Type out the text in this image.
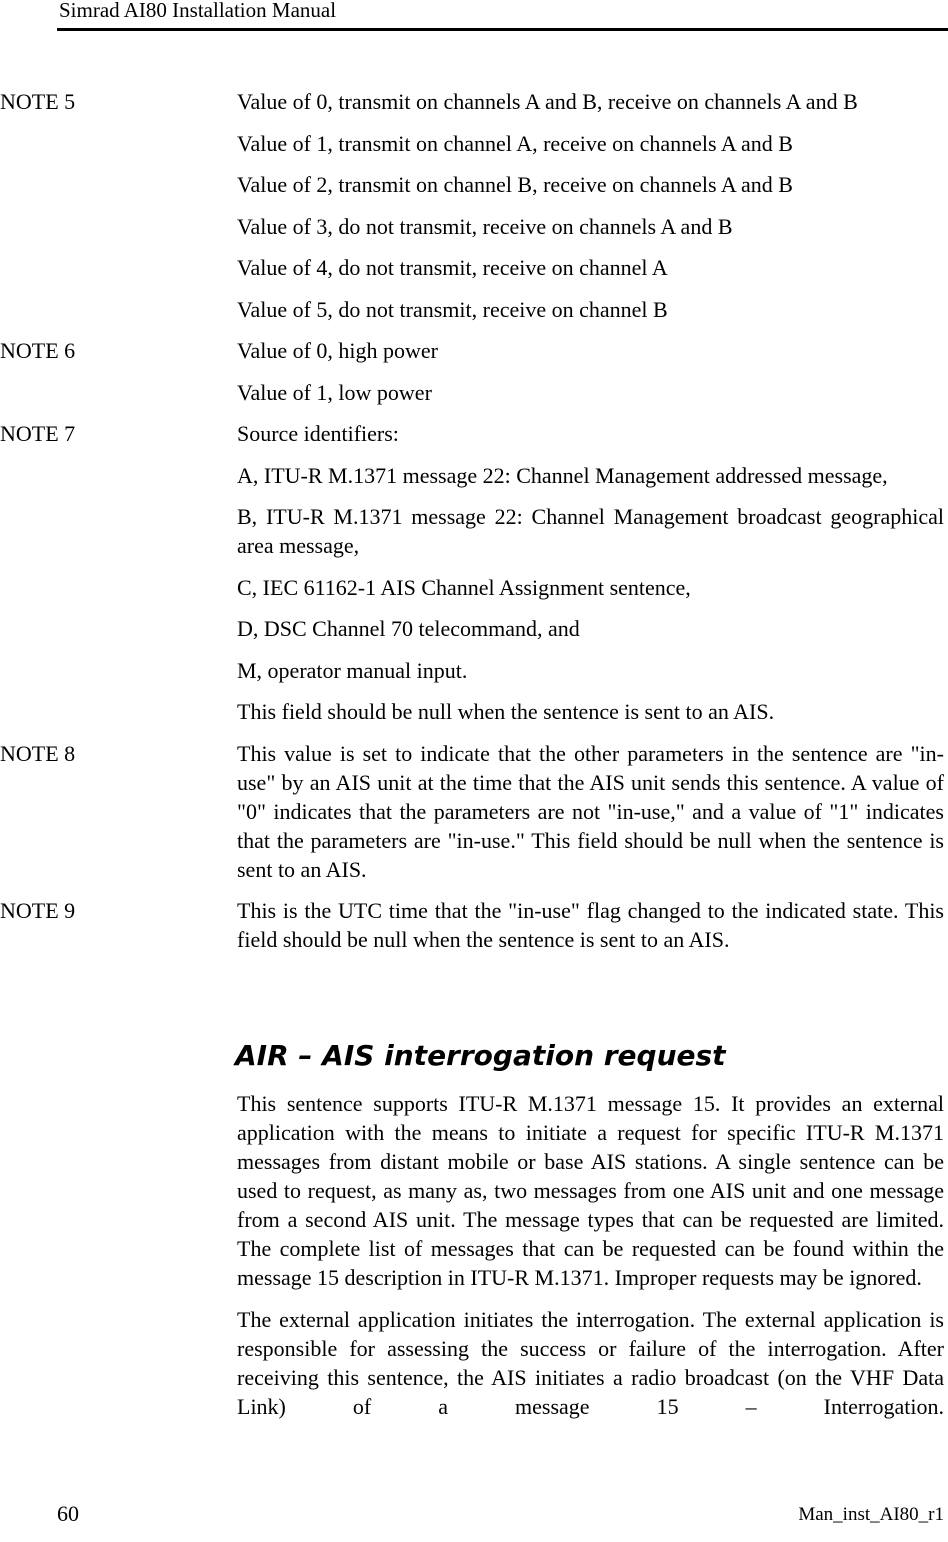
Simrad AI80 Installation Manual
NOTE 5	Value of 0, transmit on channels A and B, receive on channels A and B

Value of 1, transmit on channel A, receive on channels A and B

Value of 2, transmit on channel B, receive on channels A and B

Value of 3, do not transmit, receive on channels A and B

Value of 4, do not transmit, receive on channel A

Value of 5, do not transmit, receive on channel B

NOTE 6	Value of 0, high power

Value of 1, low power

NOTE 7	Source identifiers:

A, ITU-R M.1371 message 22: Channel Management addressed message,

B, ITU-R M.1371 message 22: Channel Management broadcast geographical area message,

C, IEC 61162-1 AIS Channel Assignment sentence,

D, DSC Channel 70 telecommand, and

M, operator manual input.

This field should be null when the sentence is sent to an AIS.

NOTE 8	This value is set to indicate that the other parameters in the sentence are "in-use" by an AIS unit at the time that the AIS unit sends this sentence. A value of "0" indicates that the parameters are not "in-use," and a value of "1" indicates that the parameters are "in-use." This field should be null when the sentence is sent to an AIS.

NOTE 9	This is the UTC time that the "in-use" flag changed to the indicated state. This field should be null when the sentence is sent to an AIS.

AIR – AIS interrogation request

This sentence supports ITU-R M.1371 message 15. It provides an external application with the means to initiate a request for specific ITU-R M.1371 messages from distant mobile or base AIS stations. A single sentence can be used to request, as many as, two messages from one AIS unit and one message from a second AIS unit. The message types that can be requested are limited. The complete list of messages that can be requested can be found within the message 15 description in ITU-R M.1371. Improper requests may be ignored.

The external application initiates the interrogation. The external application is responsible for assessing the success or failure of the interrogation. After receiving this sentence, the AIS initiates a radio broadcast (on the VHF Data Link) of a message 15 – Interrogation.

60	Man_inst_AI80_r1
